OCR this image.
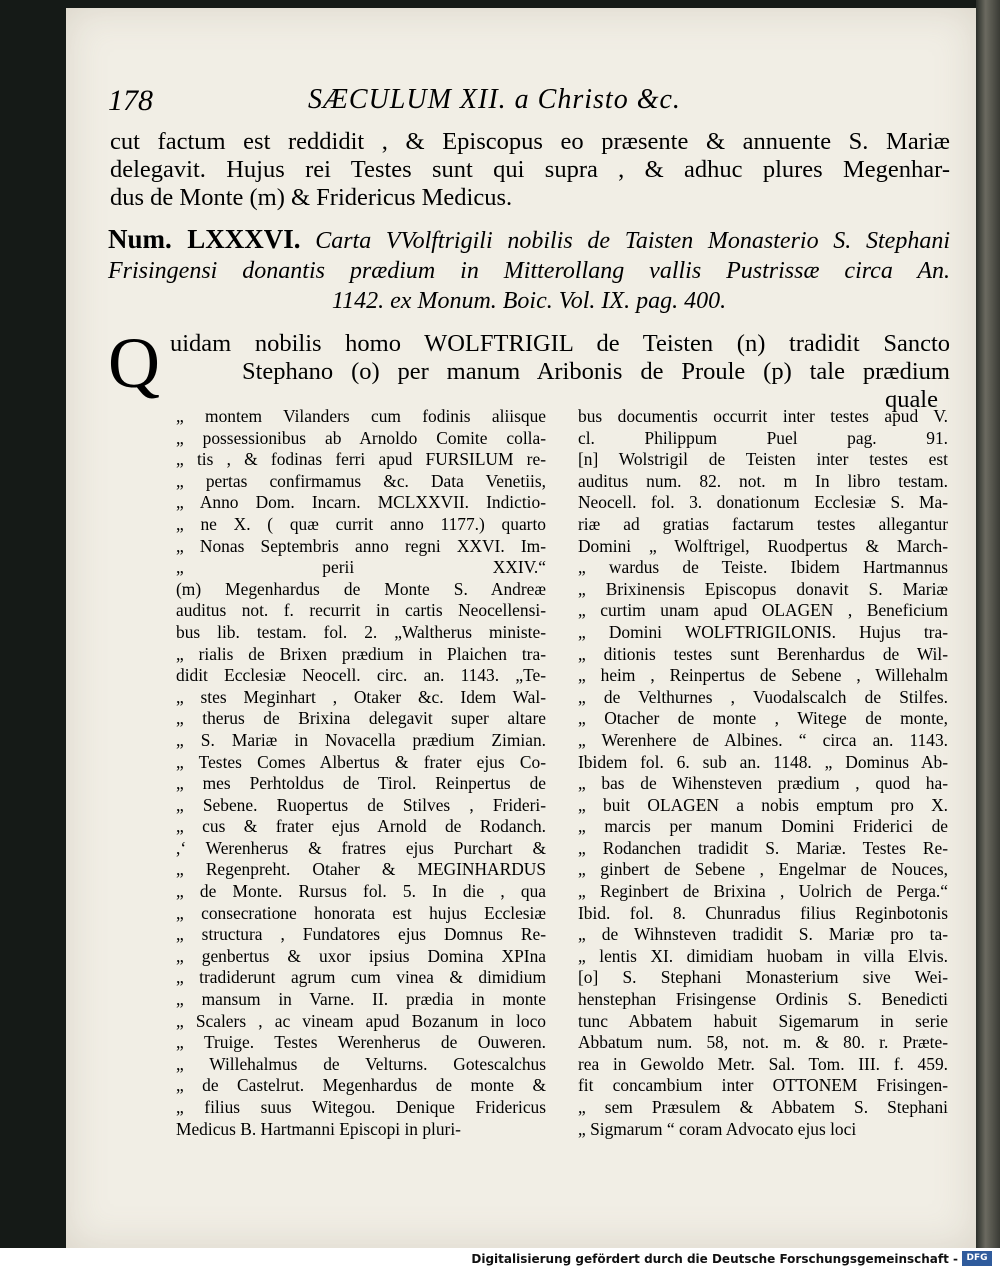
178	SÆCULUM XII. a Christo &c.
cut factum est reddidit , & Episcopus eo præsente & annuente S. Mariæ
delegavit. Hujus rei Testes sunt qui supra , & adhuc plures Megenhar-
dus de Monte (m) & Fridericus Medicus.
Num. LXXXVI. Carta VVolftrigili nobilis de Taisten Monasterio S. Stephani
Frisingensi donantis prædium in Mitterollang vallis Pustrissæ circa An.
1142. ex Monum. Boic. Vol. IX. pag. 400.
Q uidam nobilis homo WOLFTRIGIL de Teisten (n) tradidit Sancto
Stephano (o) per manum Aribonis de Proule (p) tale prædium
quale
„ montem Vilanders cum fodinis aliisque
„ possessionibus ab Arnoldo Comite colla-
„ tis , & fodinas ferri apud FURSILUM re-
„ pertas confirmamus &c. Data Venetiis,
„ Anno Dom. Incarn. MCLXXVII. Indictio-
„ ne X. ( quæ currit anno 1177.) quarto
„ Nonas Septembris anno regni XXVI. Im-
„ perii XXIV.“
(m) Megenhardus de Monte S. Andreæ
auditus not. f. recurrit in cartis Neocellensi-
bus lib. testam. fol. 2. „Waltherus ministe-
„ rialis de Brixen prædium in Plaichen tra-
didit Ecclesiæ Neocell. circ. an. 1143. „Te-
„ stes Meginhart , Otaker &c. Idem Wal-
„ therus de Brixina delegavit super altare
„ S. Mariæ in Novacella prædium Zimian.
„ Testes Comes Albertus & frater ejus Co-
„ mes Perhtoldus de Tirol. Reinpertus de
„ Sebene. Ruopertus de Stilves , Frideri-
„ cus & frater ejus Arnold de Rodanch.
,‘ Werenherus & fratres ejus Purchart &
„ Regenpreht. Otaher & MEGINHARDUS
„ de Monte. Rursus fol. 5. In die , qua
„ consecratione honorata est hujus Ecclesiæ
„ structura , Fundatores ejus Domnus Re-
„ genbertus & uxor ipsius Domina XPIna
„ tradiderunt agrum cum vinea & dimidium
„ mansum in Varne. II. prædia in monte
„ Scalers , ac vineam apud Bozanum in loco
„ Truige. Testes Werenherus de Ouweren.
„ Willehalmus de Velturns. Gotescalchus
„ de Castelrut. Megenhardus de monte &
„ filius suus Witegou. Denique Fridericus
Medicus B. Hartmanni Episcopi in pluri-
bus documentis occurrit inter testes apud V.
cl. Philippum Puel pag. 91.
[n] Wolstrigil de Teisten inter testes est
auditus num. 82. not. m In libro testam.
Neocell. fol. 3. donationum Ecclesiæ S. Ma-
riæ ad gratias factarum testes allegantur
Domini „ Wolftrigel, Ruodpertus & March-
„ wardus de Teiste. Ibidem Hartmannus
„ Brixinensis Episcopus donavit S. Mariæ
„ curtim unam apud OLAGEN , Beneficium
„ Domini WOLFTRIGILONIS. Hujus tra-
„ ditionis testes sunt Berenhardus de Wil-
„ heim , Reinpertus de Sebene , Willehalm
„ de Velthurnes , Vuodalscalch de Stilfes.
„ Otacher de monte , Witege de monte,
„ Werenhere de Albines. “ circa an. 1143.
Ibidem fol. 6. sub an. 1148. „ Dominus Ab-
„ bas de Wihensteven prædium , quod ha-
„ buit OLAGEN a nobis emptum pro X.
„ marcis per manum Domini Friderici de
„ Rodanchen tradidit S. Mariæ. Testes Re-
„ ginbert de Sebene , Engelmar de Nouces,
„ Reginbert de Brixina , Uolrich de Perga.“
Ibid. fol. 8. Chunradus filius Reginbotonis
„ de Wihnsteven tradidit S. Mariæ pro ta-
„ lentis XI. dimidiam huobam in villa Elvis.
[o] S. Stephani Monasterium sive Wei-
henstephan Frisingense Ordinis S. Benedicti
tunc Abbatem habuit Sigemarum in serie
Abbatum num. 58, not. m. & 80. r. Præte-
rea in Gewoldo Metr. Sal. Tom. III. f. 459.
fit concambium inter OTTONEM Frisingen-
„ sem Præsulem & Abbatem S. Stephani
„ Sigmarum “ coram Advocato ejus loci
Digitalisierung gefördert durch die Deutsche Forschungsgemeinschaft - DFG
